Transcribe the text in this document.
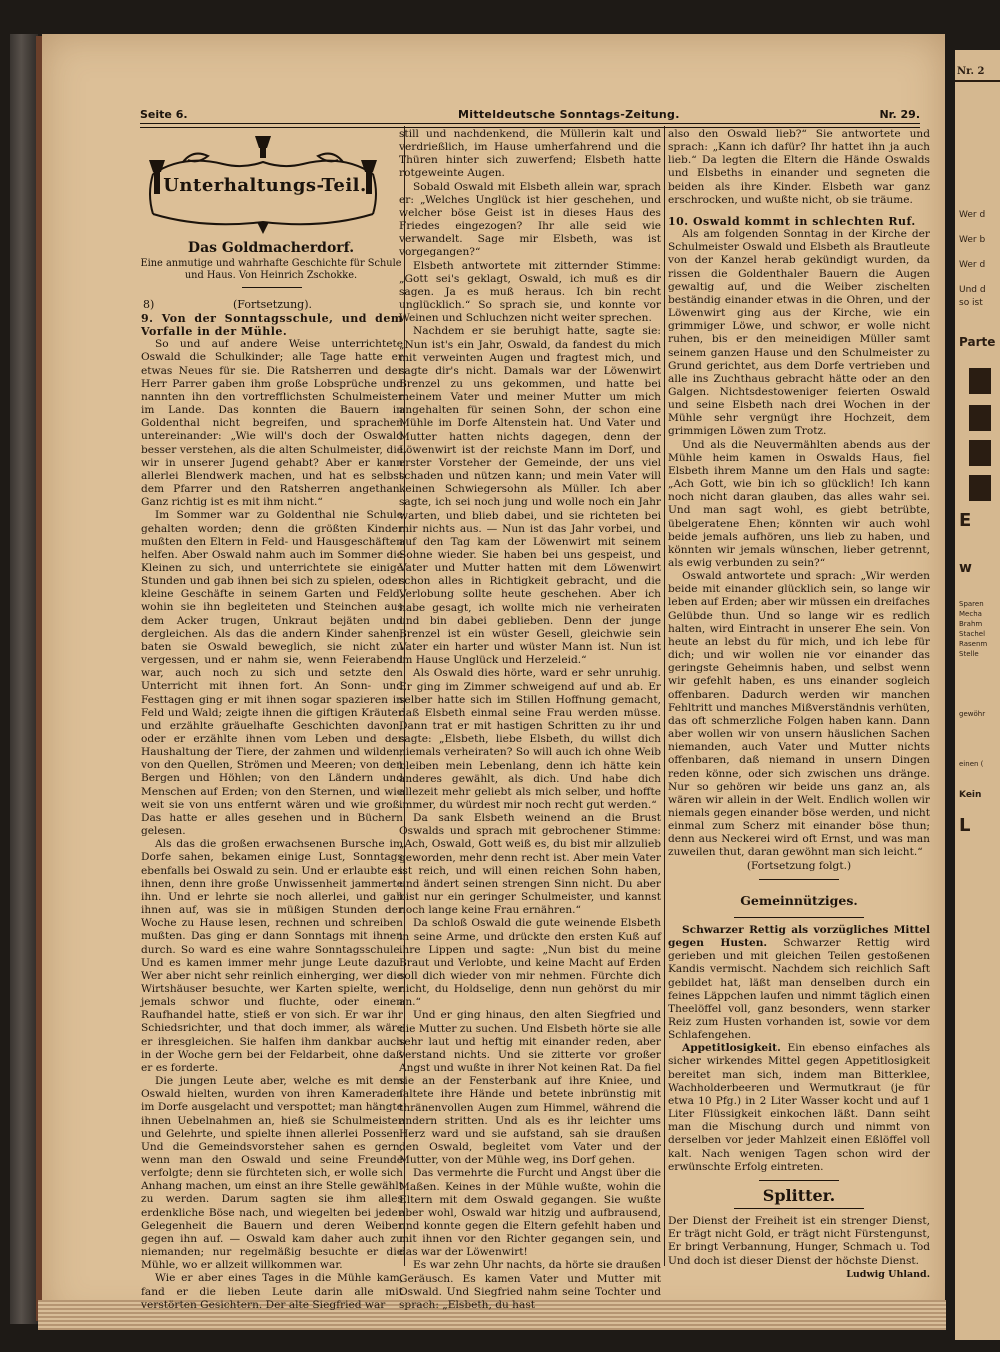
Nr. 2
Wer d
Wer b
Wer d
Und d
so ist
Parte
E
w
Sparen
Mecha
Brahm
Stachel
Rasenm
Stelle
gewöhr
einen (
Kein
L
Seite 6.	Mitteldeutsche Sonntags-Zeitung.	Nr. 29.
Unterhaltungs-Teil.
Das Goldmacherdorf.
Eine anmutige und wahrhafte Geschichte für Schule und Haus. Von Heinrich Zschokke.
8)	(Fortsetzung).

9. Von der Sonntagsschule, und dem Vorfalle in der Mühle.

So und auf andere Weise unterrichtete Oswald die Schulkinder; alle Tage hatte er etwas Neues für sie. Die Ratsherren und der Herr Parrer gaben ihm große Lobsprüche und nannten ihn den vortrefflichsten Schulmeister im Lande. Das konnten die Bauern in Goldenthal nicht begreifen, und sprachen untereinander: „Wie will's doch der Oswald besser verstehen, als die alten Schulmeister, die wir in unserer Jugend gehabt? Aber er kann allerlei Blendwerk machen, und hat es selbst dem Pfarrer und den Ratsherren angethan. Ganz richtig ist es mit ihm nicht.“

Im Sommer war zu Goldenthal nie Schule gehalten worden; denn die größten Kinder mußten den Eltern in Feld- und Hausgeschäften helfen. Aber Oswald nahm auch im Sommer die Kleinen zu sich, und unterrichtete sie einige Stunden und gab ihnen bei sich zu spielen, oder kleine Geschäfte in seinem Garten und Feld, wohin sie ihn begleiteten und Steinchen aus dem Acker trugen, Unkraut bejäten und dergleichen. Als das die andern Kinder sahen, baten sie Oswald beweglich, sie nicht zu vergessen, und er nahm sie, wenn Feierabend war, auch noch zu sich und setzte den Unterricht mit ihnen fort. An Sonn- und Festtagen ging er mit ihnen sogar spazieren in Feld und Wald; zeigte ihnen die giftigen Kräuter und erzählte gräuelhafte Geschichten davon; oder er erzählte ihnen vom Leben und der Haushaltung der Tiere, der zahmen und wilden; von den Quellen, Strömen und Meeren; von den Bergen und Höhlen; von den Ländern und Menschen auf Erden; von den Sternen, und wie weit sie von uns entfernt wären und wie groß. Das hatte er alles gesehen und in Büchern gelesen.

Als das die großen erwachsenen Bursche im Dorfe sahen, bekamen einige Lust, Sonntags ebenfalls bei Oswald zu sein. Und er erlaubte es ihnen, denn ihre große Unwissenheit jammerte ihn. Und er lehrte sie noch allerlei, und gab ihnen auf, was sie in müßigen Stunden der Woche zu Hause lesen, rechnen und schreiben mußten. Das ging er dann Sonntags mit ihnen durch. So ward es eine wahre Sonntagsschule. Und es kamen immer mehr junge Leute dazu. Wer aber nicht sehr reinlich einherging, wer die Wirtshäuser besuchte, wer Karten spielte, wer jemals schwor und fluchte, oder einen Raufhandel hatte, stieß er von sich. Er war ihr Schiedsrichter, und that doch immer, als wäre er ihresgleichen. Sie halfen ihm dankbar auch in der Woche gern bei der Feldarbeit, ohne daß er es forderte.

Die jungen Leute aber, welche es mit dem Oswald hielten, wurden von ihren Kameraden im Dorfe ausgelacht und verspottet; man hängte ihnen Uebelnahmen an, hieß sie Schulmeister und Gelehrte, und spielte ihnen allerlei Possen. Und die Gemeindsvorsteher sahen es gern, wenn man den Oswald und seine Freunde verfolgte; denn sie fürchteten sich, er wolle sich Anhang machen, um einst an ihre Stelle gewählt zu werden. Darum sagten sie ihm alles erdenkliche Böse nach, und wiegelten bei jeder Gelegenheit die Bauern und deren Weiber gegen ihn auf. — Oswald kam daher auch zu niemanden; nur regelmäßig besuchte er die Mühle, wo er allzeit willkommen war.

Wie er aber eines Tages in die Mühle kam, fand er die lieben Leute darin alle mit verstörten Gesichtern. Der alte Siegfried war

still und nachdenkend, die Müllerin kalt und verdrießlich, im Hause umherfahrend und die Thüren hinter sich zuwerfend; Elsbeth hatte rotgeweinte Augen.

Sobald Oswald mit Elsbeth allein war, sprach er: „Welches Unglück ist hier geschehen, und welcher böse Geist ist in dieses Haus des Friedes eingezogen? Ihr alle seid wie verwandelt. Sage mir Elsbeth, was ist vorgegangen?“

Elsbeth antwortete mit zitternder Stimme: „Gott sei's geklagt, Oswald, ich muß es dir sagen. Ja es muß heraus. Ich bin recht unglücklich.“ So sprach sie, und konnte vor Weinen und Schluchzen nicht weiter sprechen.

Nachdem er sie beruhigt hatte, sagte sie: „Nun ist's ein Jahr, Oswald, da fandest du mich mit verweinten Augen und fragtest mich, und sagte dir's nicht. Damals war der Löwenwirt Brenzel zu uns gekommen, und hatte bei meinem Vater und meiner Mutter um mich angehalten für seinen Sohn, der schon eine Mühle im Dorfe Altenstein hat. Und Vater und Mutter hatten nichts dagegen, denn der Löwenwirt ist der reichste Mann im Dorf, und erster Vorsteher der Gemeinde, der uns viel schaden und nützen kann; und mein Vater will keinen Schwiegersohn als Müller. Ich aber sagte, ich sei noch jung und wolle noch ein Jahr warten, und blieb dabei, und sie richteten bei mir nichts aus. — Nun ist das Jahr vorbei, und auf den Tag kam der Löwenwirt mit seinem Sohne wieder. Sie haben bei uns gespeist, und Vater und Mutter hatten mit dem Löwenwirt schon alles in Richtigkeit gebracht, und die Verlobung sollte heute geschehen. Aber ich habe gesagt, ich wollte mich nie verheiraten und bin dabei geblieben. Denn der junge Brenzel ist ein wüster Gesell, gleichwie sein Vater ein harter und wüster Mann ist. Nun ist im Hause Unglück und Herzeleid.“

Als Oswald dies hörte, ward er sehr unruhig. Er ging im Zimmer schweigend auf und ab. Er selber hatte sich im Stillen Hoffnung gemacht, daß Elsbeth einmal seine Frau werden müsse. Dann trat er mit hastigen Schritten zu ihr und sagte: „Elsbeth, liebe Elsbeth, du willst dich niemals verheiraten? So will auch ich ohne Weib bleiben mein Lebenlang, denn ich hätte kein anderes gewählt, als dich. Und habe dich allezeit mehr geliebt als mich selber, und hoffte immer, du würdest mir noch recht gut werden.“

Da sank Elsbeth weinend an die Brust Oswalds und sprach mit gebrochener Stimme: „Ach, Oswald, Gott weiß es, du bist mir allzulieb geworden, mehr denn recht ist. Aber mein Vater ist reich, und will einen reichen Sohn haben, und ändert seinen strengen Sinn nicht. Du aber bist nur ein geringer Schulmeister, und kannst noch lange keine Frau ernähren.“

Da schloß Oswald die gute weinende Elsbeth in seine Arme, und drückte den ersten Kuß auf ihre Lippen und sagte: „Nun bist du meine Braut und Verlobte, und keine Macht auf Erden soll dich wieder von mir nehmen. Fürchte dich nicht, du Holdselige, denn nun gehörst du mir an.“

Und er ging hinaus, den alten Siegfried und die Mutter zu suchen. Und Elsbeth hörte sie alle sehr laut und heftig mit einander reden, aber verstand nichts. Und sie zitterte vor großer Angst und wußte in ihrer Not keinen Rat. Da fiel sie an der Fensterbank auf ihre Kniee, und faltete ihre Hände und betete inbrünstig mit thränenvollen Augen zum Himmel, während die andern stritten. Und als es ihr leichter ums Herz ward und sie aufstand, sah sie draußen den Oswald, begleitet vom Vater und der Mutter, von der Mühle weg, ins Dorf gehen.

Das vermehrte die Furcht und Angst über die Maßen. Keines in der Mühle wußte, wohin die Eltern mit dem Oswald gegangen. Sie wußte aber wohl, Oswald war hitzig und aufbrausend, und konnte gegen die Eltern gefehlt haben und mit ihnen vor den Richter gegangen sein, und das war der Löwenwirt!

Es war zehn Uhr nachts, da hörte sie draußen Geräusch. Es kamen Vater und Mutter mit Oswald. Und Siegfried nahm seine Tochter und sprach: „Elsbeth, du hast

also den Oswald lieb?“ Sie antwortete und sprach: „Kann ich dafür? Ihr hattet ihn ja auch lieb.“ Da legten die Eltern die Hände Oswalds und Elsbeths in einander und segneten die beiden als ihre Kinder. Elsbeth war ganz erschrocken, und wußte nicht, ob sie träume.

10. Oswald kommt in schlechten Ruf.

Als am folgenden Sonntag in der Kirche der Schulmeister Oswald und Elsbeth als Brautleute von der Kanzel herab gekündigt wurden, da rissen die Goldenthaler Bauern die Augen gewaltig auf, und die Weiber zischelten beständig einander etwas in die Ohren, und der Löwenwirt ging aus der Kirche, wie ein grimmiger Löwe, und schwor, er wolle nicht ruhen, bis er den meineidigen Müller samt seinem ganzen Hause und den Schulmeister zu Grund gerichtet, aus dem Dorfe vertrieben und alle ins Zuchthaus gebracht hätte oder an den Galgen. Nichtsdestoweniger feierten Oswald und seine Elsbeth nach drei Wochen in der Mühle sehr vergnügt ihre Hochzeit, dem grimmigen Löwen zum Trotz.

Und als die Neuvermählten abends aus der Mühle heim kamen in Oswalds Haus, fiel Elsbeth ihrem Manne um den Hals und sagte: „Ach Gott, wie bin ich so glücklich! Ich kann noch nicht daran glauben, das alles wahr sei. Und man sagt wohl, es giebt betrübte, übelgeratene Ehen; könnten wir auch wohl beide jemals aufhören, uns lieb zu haben, und könnten wir jemals wünschen, lieber getrennt, als ewig verbunden zu sein?“

Oswald antwortete und sprach: „Wir werden beide mit einander glücklich sein, so lange wir leben auf Erden; aber wir müssen ein dreifaches Gelübde thun. Und so lange wir es redlich halten, wird Eintracht in unserer Ehe sein. Von heute an lebst du für mich, und ich lebe für dich; und wir wollen nie vor einander das geringste Geheimnis haben, und selbst wenn wir gefehlt haben, es uns einander sogleich offenbaren. Dadurch werden wir manchen Fehltritt und manches Mißverständnis verhüten, das oft schmerzliche Folgen haben kann. Dann aber wollen wir von unsern häuslichen Sachen niemanden, auch Vater und Mutter nichts offenbaren, daß niemand in unsern Dingen reden könne, oder sich zwischen uns dränge. Nur so gehören wir beide uns ganz an, als wären wir allein in der Welt. Endlich wollen wir niemals gegen einander böse werden, und nicht einmal zum Scherz mit einander böse thun; denn aus Neckerei wird oft Ernst, und was man zuweilen thut, daran gewöhnt man sich leicht.“

(Fortsetzung folgt.)

Gemeinnütziges.

Schwarzer Rettig als vorzügliches Mittel gegen Husten. Schwarzer Rettig wird gerieben und mit gleichen Teilen gestoßenen Kandis vermischt. Nachdem sich reichlich Saft gebildet hat, läßt man denselben durch ein feines Läppchen laufen und nimmt täglich einen Theelöffel voll, ganz besonders, wenn starker Reiz zum Husten vorhanden ist, sowie vor dem Schlafengehen.

Appetitlosigkeit. Ein ebenso einfaches als sicher wirkendes Mittel gegen Appetitlosigkeit bereitet man sich, indem man Bitterklee, Wachholderbeeren und Wermutkraut (je für etwa 10 Pfg.) in 2 Liter Wasser kocht und auf 1 Liter Flüssigkeit einkochen läßt. Dann seiht man die Mischung durch und nimmt von derselben vor jeder Mahlzeit einen Eßlöffel voll kalt. Nach wenigen Tagen schon wird der erwünschte Erfolg eintreten.

Splitter.

Der Dienst der Freiheit ist ein strenger Dienst, Er trägt nicht Gold, er trägt nicht Fürstengunst, Er bringt Verbannung, Hunger, Schmach u. Tod Und doch ist dieser Dienst der höchste Dienst.

Ludwig Uhland.
